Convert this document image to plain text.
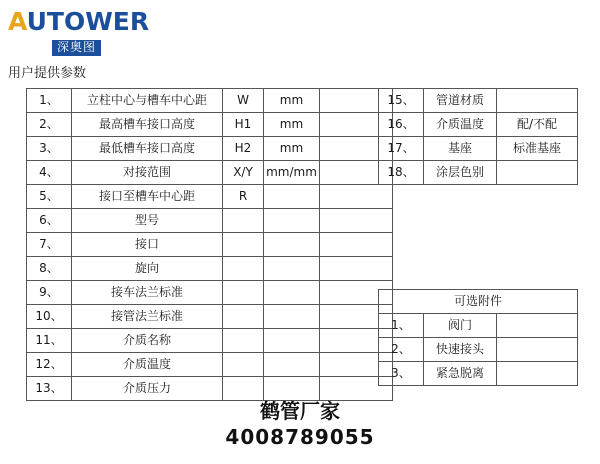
AUTOWER
深奥图
用户提供参数
1、	立柱中心与槽车中心距	W	mm	
2、	最高槽车接口高度	H1	mm	
3、	最低槽车接口高度	H2	mm	
4、	对接范围	X/Y	mm/mm	
5、	接口至槽车中心距	R		
6、	型号			
7、	接口			
8、	旋向			
9、	接车法兰标准			
10、	接管法兰标准			
11、	介质名称			
12、	介质温度			
13、	介质压力			
15、	管道材质	
16、	介质温度	配/不配
17、	基座	标准基座
18、	涂层色别	
可选附件		
1、	阀门	
2、	快速接头	
3、	紧急脱离	
鹤管厂家
4008789055
